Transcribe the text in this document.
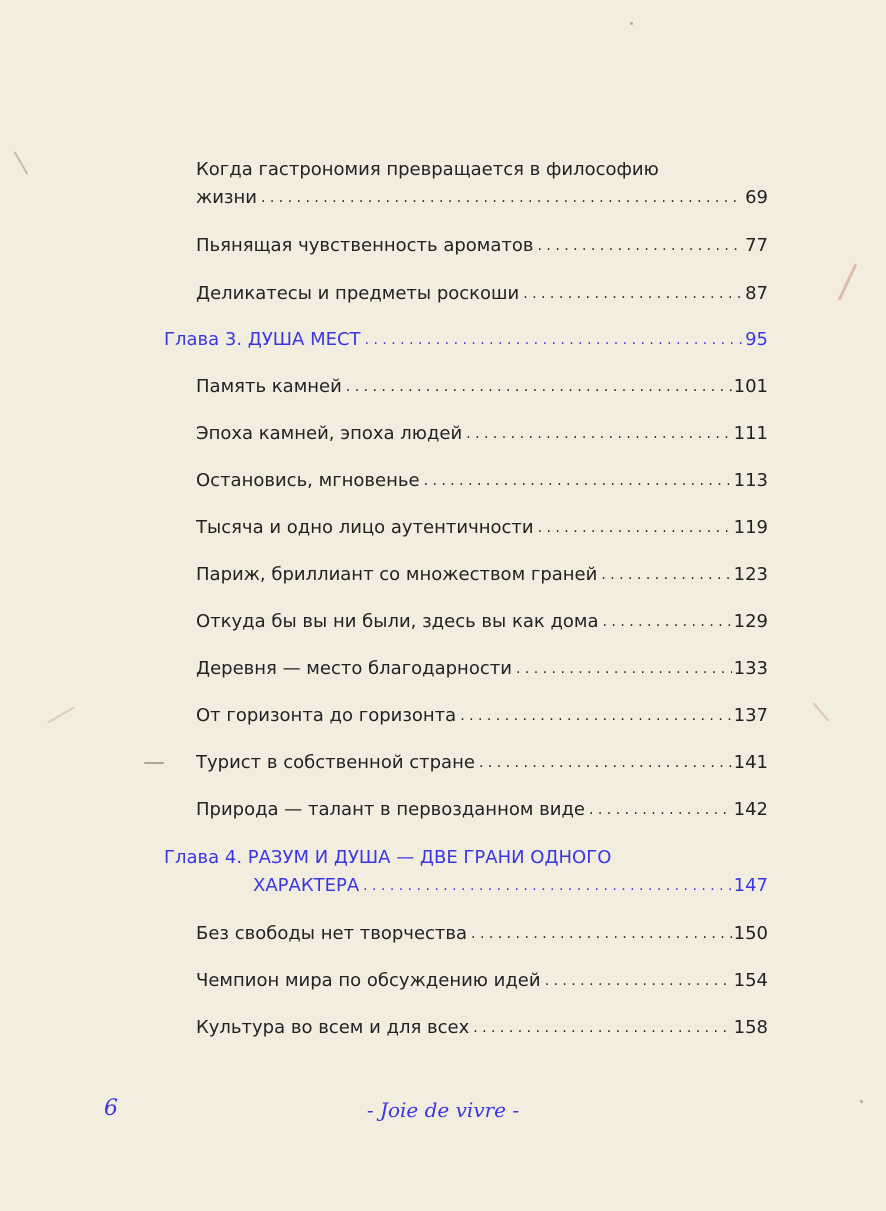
Когда гастрономия превращается в философию
жизни . . .	69
Пьянящая чувственность ароматов . . .	77
Деликатесы и предметы роскоши . . .	87
Глава 3. ДУША МЕСТ . . .	95
Память камней . . .	101
Эпоха камней, эпоха людей . . .	111
Остановись, мгновенье . . .	113
Тысяча и одно лицо аутентичности . . .	119
Париж, бриллиант со множеством граней . . .	123
Откуда бы вы ни были, здесь вы как дома . . .	129
Деревня — место благодарности . . .	133
От горизонта до горизонта . . .	137
Турист в собственной стране . . .	141
Природа — талант в первозданном виде . . .	142
Глава 4. РАЗУМ И ДУША — ДВЕ ГРАНИ ОДНОГО
ХАРАКТЕРА . . .	147
Без свободы нет творчества . . .	150
Чемпион мира по обсуждению идей . . .	154
Культура во всем и для всех . . .	158
6	- Joie de vivre -
